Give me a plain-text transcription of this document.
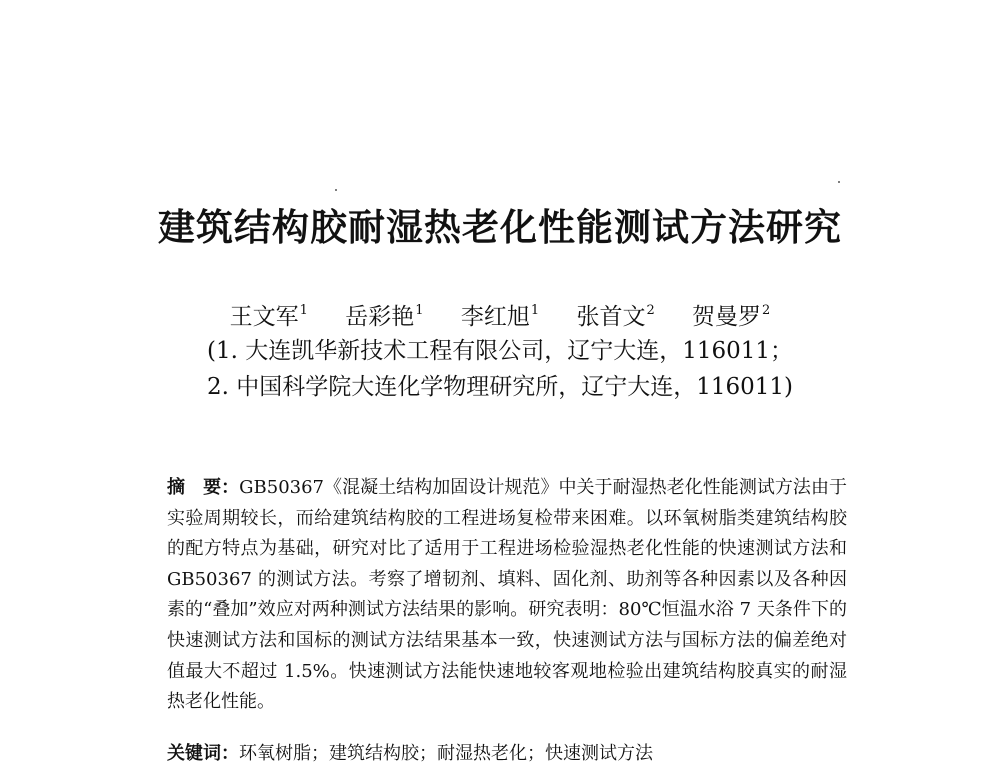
建筑结构胶耐湿热老化性能测试方法研究
王文军$^1$ 岳彩艳$^1$ 李红旭$^1$ 张首文$^2$ 贺曼罗$^2$
(1. 大连凯华新技术工程有限公司，辽宁大连，116011；
2. 中国科学院大连化学物理研究所，辽宁大连，116011)
摘　要：GB50367《混凝土结构加固设计规范》中关于耐湿热老化性能测试方法由于实验周期较长，而给建筑结构胶的工程进场复检带来困难。以环氧树脂类建筑结构胶的配方特点为基础，研究对比了适用于工程进场检验湿热老化性能的快速测试方法和 GB50367 的测试方法。考察了增韧剂、填料、固化剂、助剂等各种因素以及各种因素的“叠加”效应对两种测试方法结果的影响。研究表明：80℃恒温水浴 7 天条件下的快速测试方法和国标的测试方法结果基本一致，快速测试方法与国标方法的偏差绝对值最大不超过 1.5%。快速测试方法能快速地较客观地检验出建筑结构胶真实的耐湿热老化性能。
关键词：环氧树脂；建筑结构胶；耐湿热老化；快速测试方法
